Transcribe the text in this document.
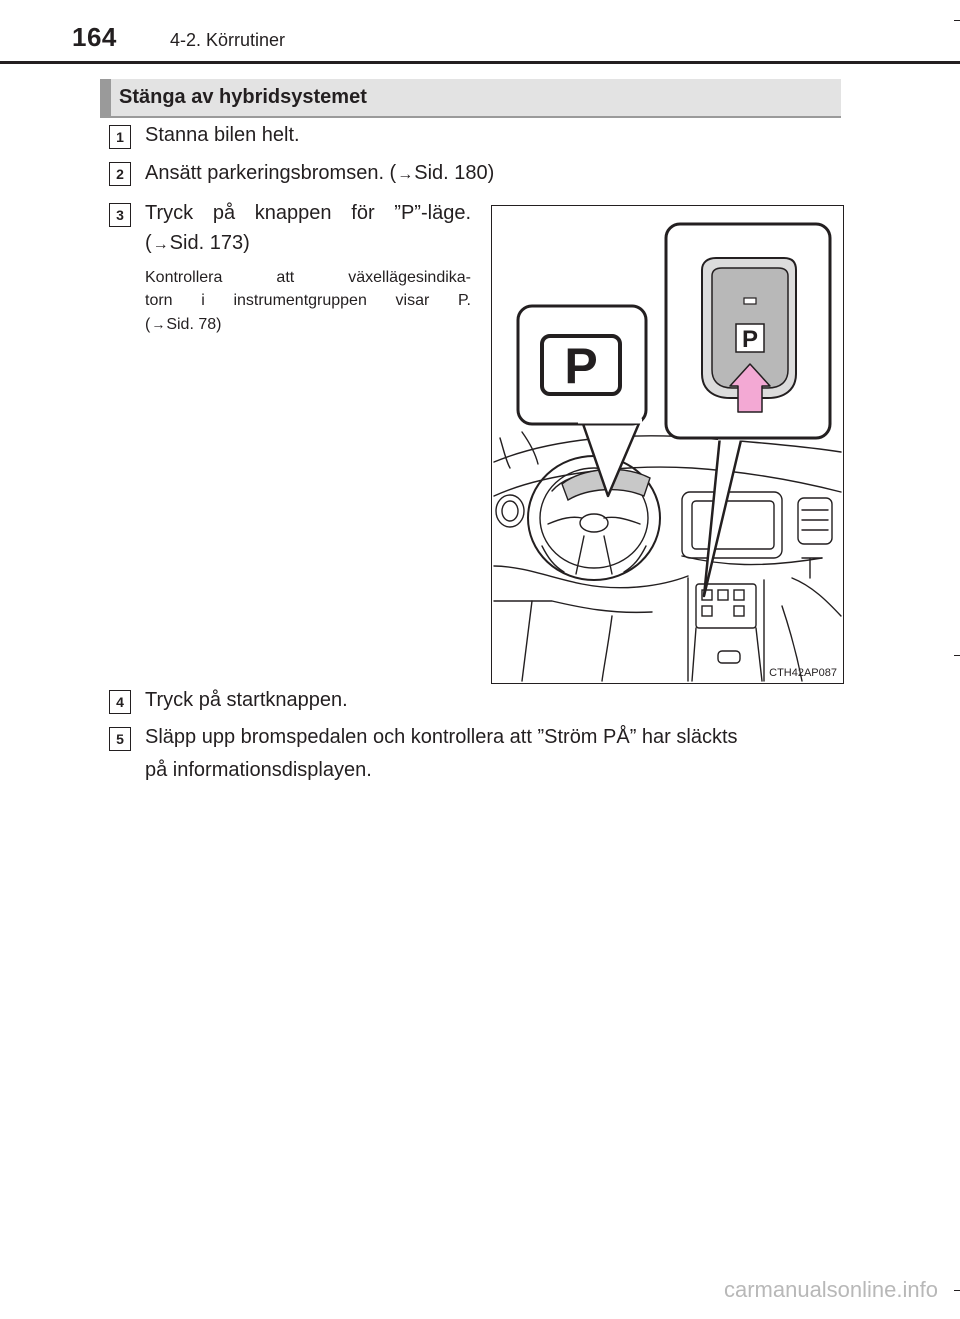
164	4-2. Körrutiner
Stänga av hybridsystemet
1	Stanna bilen helt.
2	Ansätt parkeringsbromsen. (→Sid. 180)
3	Tryck på knappen för ”P”-läge.
(→Sid. 173)
Kontrollera att växellägesindika-
torn i instrumentgruppen visar P.
(→Sid. 78)
P	P
CTH42AP087
4	Tryck på startknappen.
5	Släpp upp bromspedalen och kontrollera att ”Ström PÅ” har släckts
på informationsdisplayen.
carmanualsonline.info
